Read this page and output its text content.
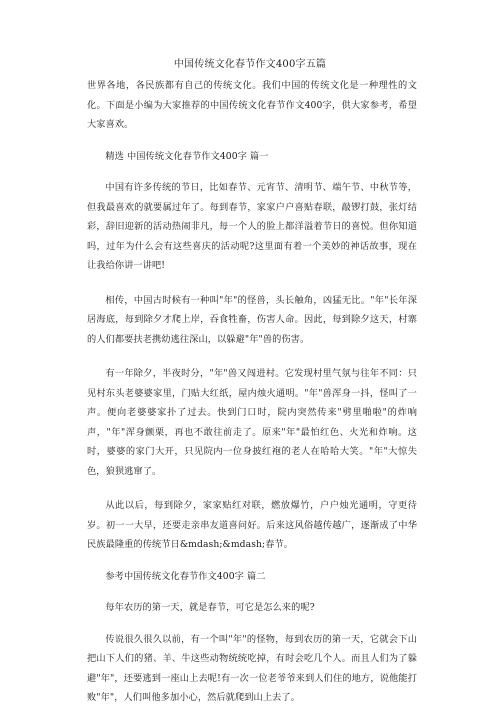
中国传统文化春节作文400字五篇

世界各地，各民族都有自己的传统文化。我们中国的传统文化是一种理性的文化。下面是小编为大家推荐的中国传统文化春节作文400字，供大家参考，希望大家喜欢。

精选 中国传统文化春节作文400字 篇一

中国有许多传统的节日，比如春节、元宵节、清明节、端午节、中秋节等，但我最喜欢的就要属过年了。每到春节，家家户户喜贴春联，敲锣打鼓，张灯结彩，辞旧迎新的活动热闹非凡，每一个人的脸上都洋溢着节日的喜悦。但你知道吗，过年为什么会有这些喜庆的活动呢?这里面有着一个美妙的神话故事，现在让我给你讲一讲吧!

相传，中国古时候有一种叫"年"的怪兽，头长触角，凶猛无比。"年"长年深居海底，每到除夕才爬上岸，吞食牲畜，伤害人命。因此，每到除夕这天，村寨的人们都要扶老携幼逃往深山，以躲避"年"兽的伤害。

有一年除夕，半夜时分，"年"兽又闯进村。它发现村里气氛与往年不同：只见村东头老婆婆家里，门贴大红纸，屋内烛火通明。"年"兽浑身一抖，怪叫了一声。便向老婆婆家扑了过去。快到门口时，院内突然传来"劈里啪啦"的炸响声，"年"浑身颤栗，再也不敢往前走了。原来"年"最怕红色、火光和炸响。这时，婆婆的家门大开，只见院内一位身披红袍的老人在哈哈大笑。"年"大惊失色，狼狈逃窜了。

从此以后，每到除夕，家家贴红对联，燃放爆竹，户户烛光通明，守更待岁。初一一大早，还要走亲串友道喜问好。后来这风俗越传越广，逐渐成了中华民族最隆重的传统节日&mdash;&mdash;春节。

参考中国传统文化春节作文400字 篇二

每年农历的第一天，就是春节，可它是怎么来的呢?

传说很久很久以前，有一个叫"年"的怪物，每到农历的第一天，它就会下山把山下人们的猪、羊、牛这些动物统统吃掉，有时会吃几个人。而且人们为了躲避"年"，还要逃到一座山上去呢!有一次一位老爷爷来到人们住的地方，说他能打败"年"，人们叫他多加小心，然后就爬到山上去了。
